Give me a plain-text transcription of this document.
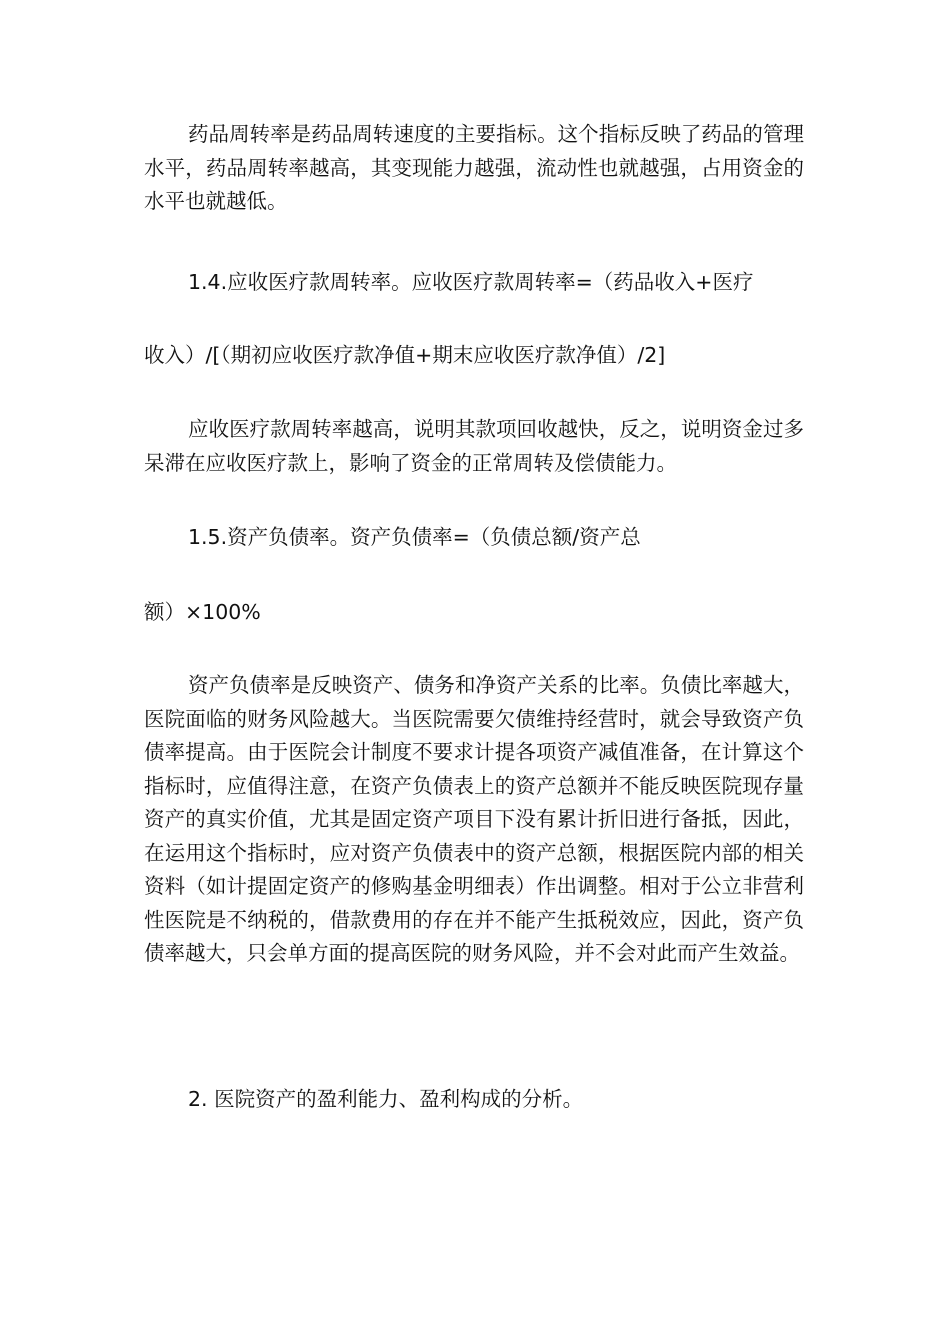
药品周转率是药品周转速度的主要指标。这个指标反映了药品的管理水平，药品周转率越高，其变现能力越强，流动性也就越强，占用资金的水平也就越低。

1.4.应收医疗款周转率。应收医疗款周转率=（药品收入+医疗

收入）/[（期初应收医疗款净值+期末应收医疗款净值）/2]

应收医疗款周转率越高，说明其款项回收越快，反之，说明资金过多呆滞在应收医疗款上，影响了资金的正常周转及偿债能力。

1.5.资产负债率。资产负债率=（负债总额/资产总

额）×100%

资产负债率是反映资产、债务和净资产关系的比率。负债比率越大，医院面临的财务风险越大。当医院需要欠债维持经营时，就会导致资产负债率提高。由于医院会计制度不要求计提各项资产减值准备，在计算这个指标时，应值得注意，在资产负债表上的资产总额并不能反映医院现存量资产的真实价值，尤其是固定资产项目下没有累计折旧进行备抵，因此，在运用这个指标时，应对资产负债表中的资产总额，根据医院内部的相关资料（如计提固定资产的修购基金明细表）作出调整。相对于公立非营利性医院是不纳税的，借款费用的存在并不能产生抵税效应，因此，资产负债率越大，只会单方面的提高医院的财务风险，并不会对此而产生效益。

2. 医院资产的盈利能力、盈利构成的分析。
